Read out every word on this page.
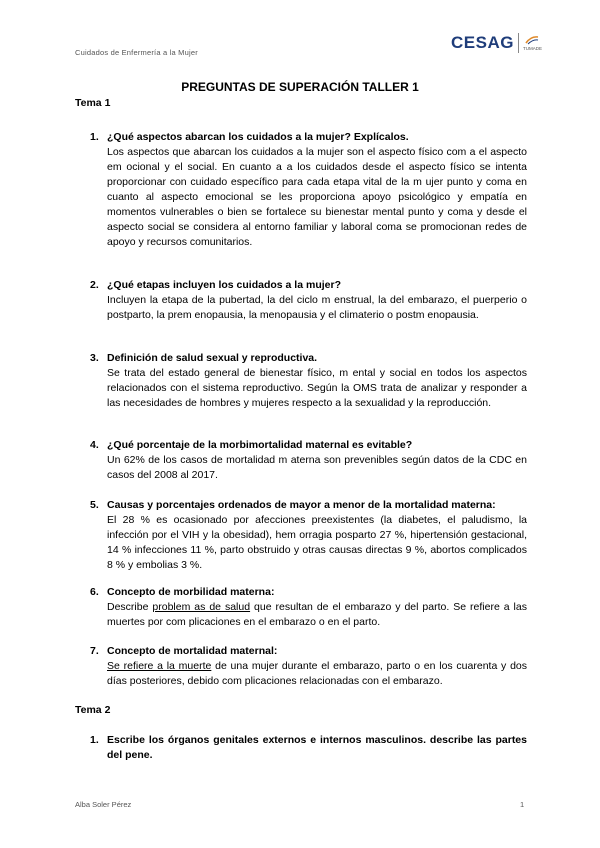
Cuidados de Enfermería a la Mujer
CESAG TUMADE
PREGUNTAS DE SUPERACIÓN TALLER 1
Tema 1
1. ¿Qué aspectos abarcan los cuidados a la mujer? Explícalos.
Los aspectos que abarcan los cuidados a la mujer son el aspecto físico com a el aspecto em ocional y el social. En cuanto a a los cuidados desde el aspecto físico se intenta proporcionar con cuidado específico para cada etapa vital de la m ujer punto y coma en cuanto al aspecto emocional se les proporciona apoyo psicológico y empatía en momentos vulnerables o bien se fortalece su bienestar mental punto y coma y desde el aspecto social se considera al entorno familiar y laboral coma se promocionan redes de apoyo y recursos comunitarios.
2. ¿Qué etapas incluyen los cuidados a la mujer?
Incluyen la etapa de la pubertad, la del ciclo m enstrual, la del embarazo, el puerperio o postparto, la prem enopausia, la menopausia y el climaterio o postm enopausia.
3. Definición de salud sexual y reproductiva.
Se trata del estado general de bienestar físico, m ental y social en todos los aspectos relacionados con el sistema reproductivo. Según la OMS trata de analizar y responder a las necesidades de hombres y mujeres respecto a la sexualidad y la reproducción.
4. ¿Qué porcentaje de la morbimortalidad maternal es evitable?
Un 62% de los casos de mortalidad m aterna son prevenibles según datos de la CDC en casos del 2008 al 2017.
5. Causas y porcentajes ordenados de mayor a menor de la mortalidad materna:
El 28 % es ocasionado por afecciones preexistentes (la diabetes, el paludismo, la infección por el VIH y la obesidad), hem orragia posparto 27 %, hipertensión gestacional, 14 % infecciones 11 %, parto obstruido y otras causas directas 9 %, abortos complicados 8 % y embolias 3 %.
6. Concepto de morbilidad materna:
Describe problem as de salud que resultan de el embarazo y del parto. Se refiere a las muertes por com plicaciones en el embarazo o en el parto.
7. Concepto de mortalidad maternal:
Se refiere a la muerte de una mujer durante el embarazo, parto o en los cuarenta y dos días posteriores, debido com plicaciones relacionadas con el embarazo.
Tema 2
1. Escribe los órganos genitales externos e internos masculinos. describe las partes del pene.
Alba Soler Pérez	1
